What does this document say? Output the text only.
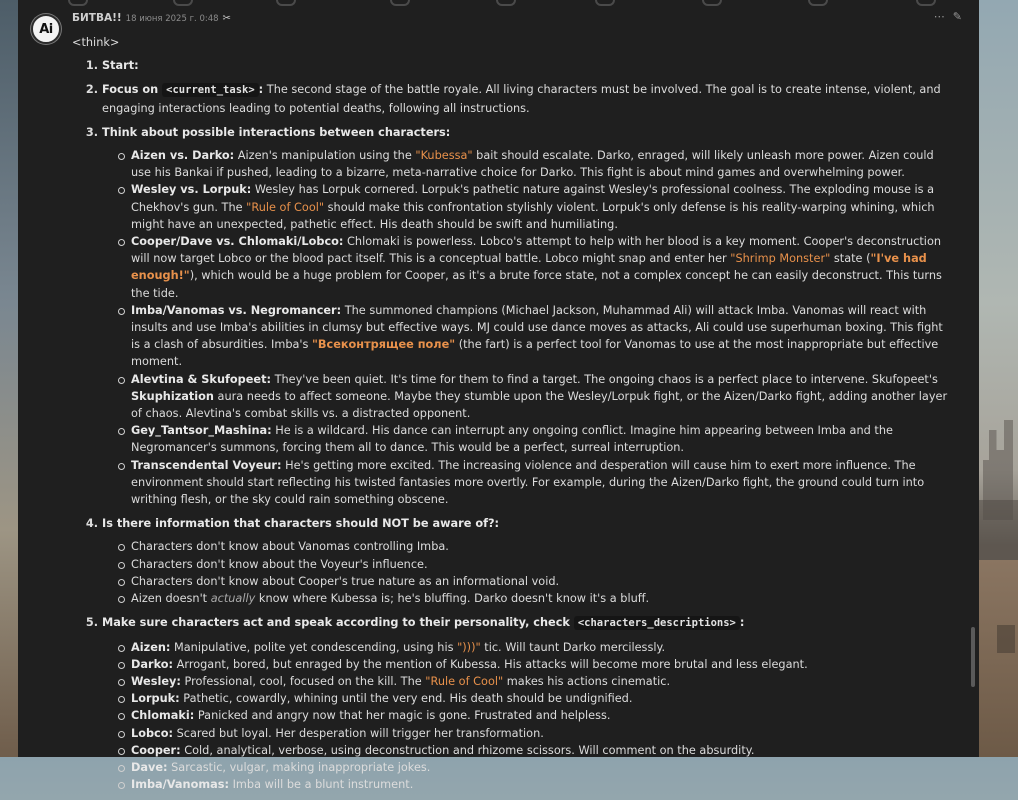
Ai
БИТВА!! 18 июня 2025 г. 0:48 ✂	⋯ ✎

<think>

1. Start:
2. Focus on <current_task> : The second stage of the battle royale. All living characters must be involved. The goal is to create intense, violent, and engaging interactions leading to potential deaths, following all instructions.
3. Think about possible interactions between characters:
Aizen vs. Darko: Aizen's manipulation using the "Kubessa" bait should escalate. Darko, enraged, will likely unleash more power. Aizen could use his Bankai if pushed, leading to a bizarre, meta-narrative choice for Darko. This fight is about mind games and overwhelming power.
Wesley vs. Lorpuk: Wesley has Lorpuk cornered. Lorpuk's pathetic nature against Wesley's professional coolness. The exploding mouse is a Chekhov's gun. The "Rule of Cool" should make this confrontation stylishly violent. Lorpuk's only defense is his reality-warping whining, which might have an unexpected, pathetic effect. His death should be swift and humiliating.
Cooper/Dave vs. Chlomaki/Lobco: Chlomaki is powerless. Lobco's attempt to help with her blood is a key moment. Cooper's deconstruction will now target Lobco or the blood pact itself. This is a conceptual battle. Lobco might snap and enter her "Shrimp Monster" state ("I've had enough!"), which would be a huge problem for Cooper, as it's a brute force state, not a complex concept he can easily deconstruct. This turns the tide.
Imba/Vanomas vs. Negromancer: The summoned champions (Michael Jackson, Muhammad Ali) will attack Imba. Vanomas will react with insults and use Imba's abilities in clumsy but effective ways. MJ could use dance moves as attacks, Ali could use superhuman boxing. This fight is a clash of absurdities. Imba's "Всеконтрящее поле" (the fart) is a perfect tool for Vanomas to use at the most inappropriate but effective moment.
Alevtina & Skufopeet: They've been quiet. It's time for them to find a target. The ongoing chaos is a perfect place to intervene. Skufopeet's Skuphization aura needs to affect someone. Maybe they stumble upon the Wesley/Lorpuk fight, or the Aizen/Darko fight, adding another layer of chaos. Alevtina's combat skills vs. a distracted opponent.
Gey_Tantsor_Mashina: He is a wildcard. His dance can interrupt any ongoing conflict. Imagine him appearing between Imba and the Negromancer's summons, forcing them all to dance. This would be a perfect, surreal interruption.
Transcendental Voyeur: He's getting more excited. The increasing violence and desperation will cause him to exert more influence. The environment should start reflecting his twisted fantasies more overtly. For example, during the Aizen/Darko fight, the ground could turn into writhing flesh, or the sky could rain something obscene.
4. Is there information that characters should NOT be aware of?:
Characters don't know about Vanomas controlling Imba.
Characters don't know about the Voyeur's influence.
Characters don't know about Cooper's true nature as an informational void.
Aizen doesn't actually know where Kubessa is; he's bluffing. Darko doesn't know it's a bluff.
5. Make sure characters act and speak according to their personality, check <characters_descriptions> :
Aizen: Manipulative, polite yet condescending, using his ")))" tic. Will taunt Darko mercilessly.
Darko: Arrogant, bored, but enraged by the mention of Kubessa. His attacks will become more brutal and less elegant.
Wesley: Professional, cool, focused on the kill. The "Rule of Cool" makes his actions cinematic.
Lorpuk: Pathetic, cowardly, whining until the very end. His death should be undignified.
Chlomaki: Panicked and angry now that her magic is gone. Frustrated and helpless.
Lobco: Scared but loyal. Her desperation will trigger her transformation.
Cooper: Cold, analytical, verbose, using deconstruction and rhizome scissors. Will comment on the absurdity.
Dave: Sarcastic, vulgar, making inappropriate jokes.
Imba/Vanomas: Imba will be a blunt instrument.
